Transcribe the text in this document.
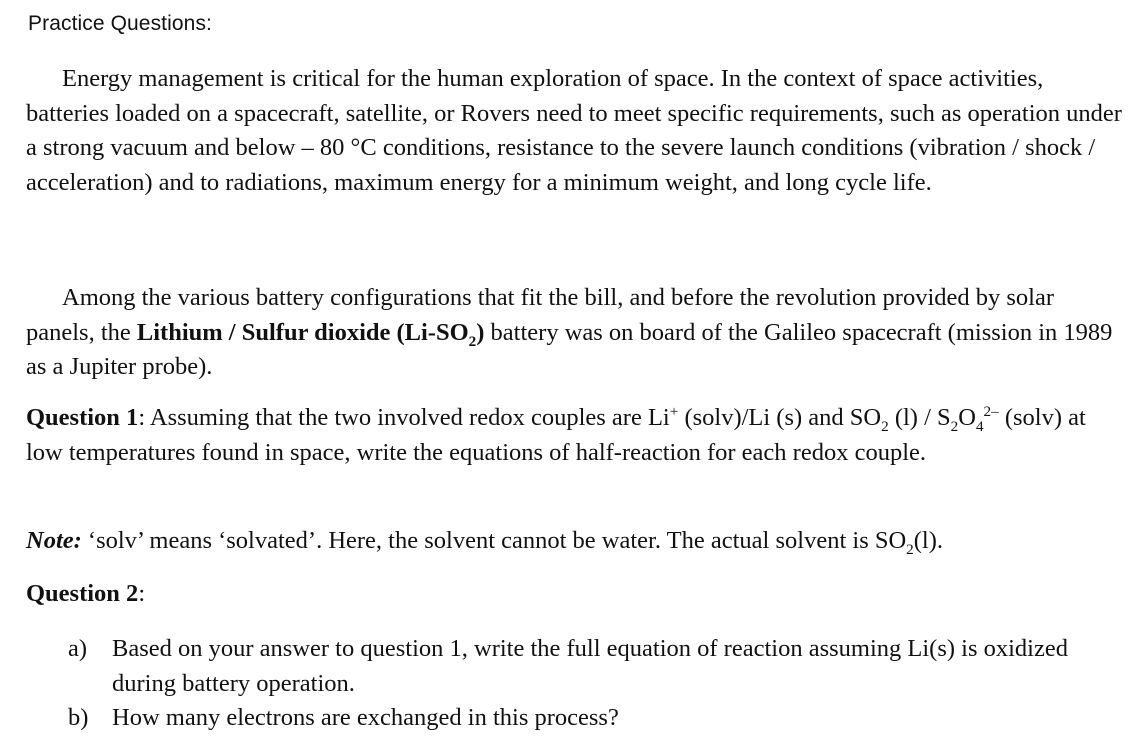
Practice Questions:

Energy management is critical for the human exploration of space. In the context of space activities, batteries loaded on a spacecraft, satellite, or Rovers need to meet specific requirements, such as operation under a strong vacuum and below – 80 °C conditions, resistance to the severe launch conditions (vibration / shock / acceleration) and to radiations, maximum energy for a minimum weight, and long cycle life.

Among the various battery configurations that fit the bill, and before the revolution provided by solar panels, the Lithium / Sulfur dioxide $(Li-SO_2)$ battery was on board of the Galileo spacecraft (mission in 1989 as a Jupiter probe).

Question 1: Assuming that the two involved redox couples are Li+ (solv)/Li (s) and $SO_2$ $(l) / S_2O_4^{2-}$ (solv) at low temperatures found in space, write the equations of half-reaction for each redox couple.

Note: ‘solv’ means ‘solvated’. Here, the solvent cannot be water. The actual solvent is $SO_2(l)$.

Question 2:

a) Based on your answer to question 1, write the full equation of reaction assuming Li(s) is oxidized during battery operation.
b) How many electrons are exchanged in this process?
